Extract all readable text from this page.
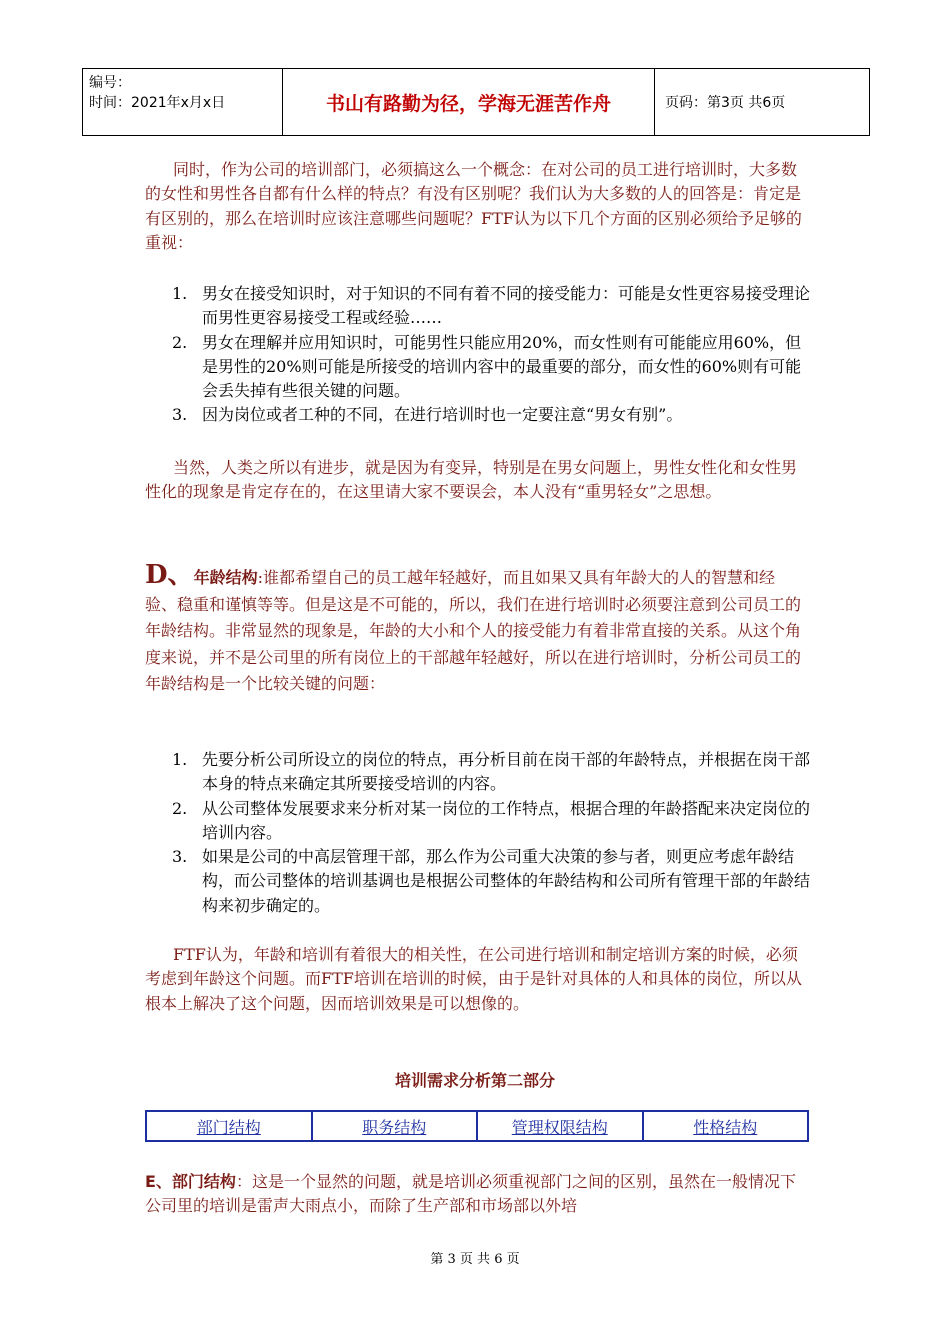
编号：
时间：2021年x月x日	书山有路勤为径，学海无涯苦作舟	页码：第3页 共6页
同时，作为公司的培训部门，必须搞这么一个概念：在对公司的员工进行培训时，大多数的女性和男性各自都有什么样的特点？有没有区别呢？我们认为大多数的人的回答是：肯定是有区别的，那么在培训时应该注意哪些问题呢？FTF认为以下几个方面的区别必须给予足够的重视：
1. 男女在接受知识时，对于知识的不同有着不同的接受能力：可能是女性更容易接受理论而男性更容易接受工程或经验……
2. 男女在理解并应用知识时，可能男性只能应用20%，而女性则有可能能应用60%，但是男性的20%则可能是所接受的培训内容中的最重要的部分，而女性的60%则有可能会丢失掉有些很关键的问题。
3. 因为岗位或者工种的不同，在进行培训时也一定要注意“男女有别”。
当然，人类之所以有进步，就是因为有变异，特别是在男女问题上，男性女性化和女性男性化的现象是肯定存在的，在这里请大家不要误会，本人没有“重男轻女”之思想。
D、年龄结构:谁都希望自己的员工越年轻越好，而且如果又具有年龄大的人的智慧和经验、稳重和谨慎等等。但是这是不可能的，所以，我们在进行培训时必须要注意到公司员工的年龄结构。非常显然的现象是，年龄的大小和个人的接受能力有着非常直接的关系。从这个角度来说，并不是公司里的所有岗位上的干部越年轻越好，所以在进行培训时，分析公司员工的年龄结构是一个比较关键的问题：
1. 先要分析公司所设立的岗位的特点，再分析目前在岗干部的年龄特点，并根据在岗干部本身的特点来确定其所要接受培训的内容。
2. 从公司整体发展要求来分析对某一岗位的工作特点，根据合理的年龄搭配来决定岗位的培训内容。
3. 如果是公司的中高层管理干部，那么作为公司重大决策的参与者，则更应考虑年龄结构，而公司整体的培训基调也是根据公司整体的年龄结构和公司所有管理干部的年龄结构来初步确定的。
FTF认为，年龄和培训有着很大的相关性，在公司进行培训和制定培训方案的时候，必须考虑到年龄这个问题。而FTF培训在培训的时候，由于是针对具体的人和具体的岗位，所以从根本上解决了这个问题，因而培训效果是可以想像的。
培训需求分析第二部分
部门结构	职务结构	管理权限结构	性格结构
E、部门结构：这是一个显然的问题，就是培训必须重视部门之间的区别，虽然在一般情况下公司里的培训是雷声大雨点小，而除了生产部和市场部以外培
第 3 页 共 6 页
